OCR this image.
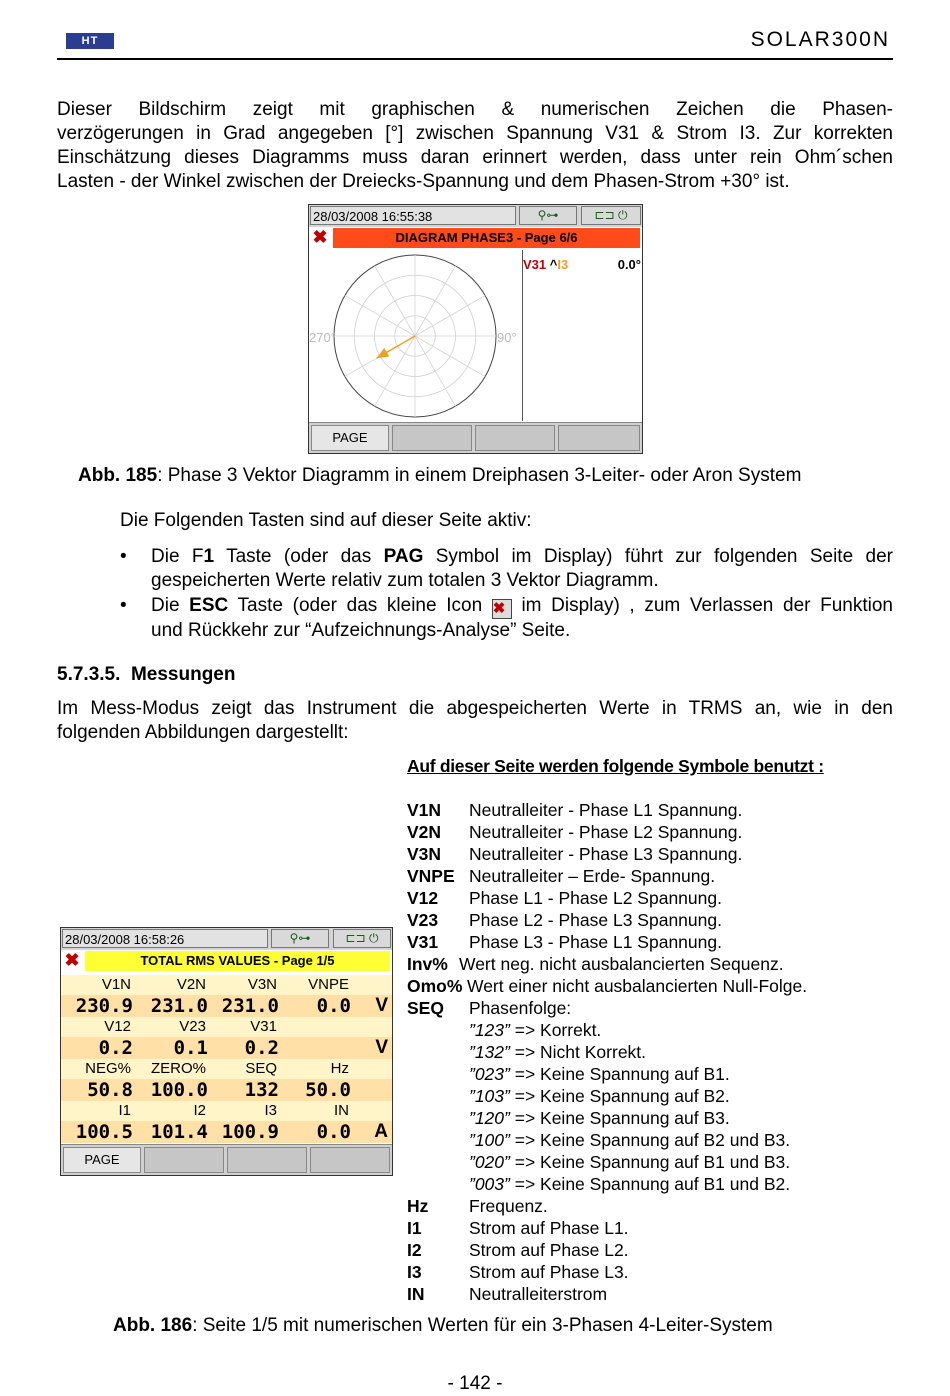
HT	SOLAR300N
Dieser Bildschirm zeigt mit graphischen & numerischen Zeichen die Phasen-
verzögerungen in Grad angegeben [°] zwischen Spannung V31 & Strom I3. Zur korrekten
Einschätzung dieses Diagramms muss daran erinnert werden, dass unter rein Ohm´schen
Lasten - der Winkel zwischen der Dreiecks-Spannung und dem Phasen-Strom +30° ist.
28/03/2008 16:55:38	⚲⊶	⊏⊐ ⏻
✖	DIAGRAM PHASE3 - Page 6/6
270°	90°
V31 ^I3	0.0°
PAGE
Abb. 185: Phase 3 Vektor Diagramm in einem Dreiphasen 3-Leiter- oder Aron System
Die Folgenden Tasten sind auf dieser Seite aktiv:
• Die F1 Taste (oder das PAG Symbol im Display) führt zur folgenden Seite der
gespeicherten Werte relativ zum totalen 3 Vektor Diagramm.
• Die ESC Taste (oder das kleine Icon ✖ im Display) , zum Verlassen der Funktion
und Rückkehr zur “Aufzeichnungs-Analyse” Seite.
5.7.3.5. Messungen
Im Mess-Modus zeigt das Instrument die abgespeicherten Werte in TRMS an, wie in den
folgenden Abbildungen dargestellt:
Auf dieser Seite werden folgende Symbole benutzt :
V1N Neutralleiter - Phase L1 Spannung.
V2N Neutralleiter - Phase L2 Spannung.
V3N Neutralleiter - Phase L3 Spannung.
VNPE Neutralleiter – Erde- Spannung.
V12 Phase L1 - Phase L2 Spannung.
V23 Phase L2 - Phase L3 Spannung.
V31 Phase L3 - Phase L1 Spannung.
Inv% Wert neg. nicht ausbalancierten Sequenz.
Omo% Wert einer nicht ausbalancierten Null-Folge.
SEQ Phasenfolge:
”123” => Korrekt.
”132” => Nicht Korrekt.
”023” => Keine Spannung auf B1.
”103” => Keine Spannung auf B2.
”120” => Keine Spannung auf B3.
”100” => Keine Spannung auf B2 und B3.
”020” => Keine Spannung auf B1 und B3.
”003” => Keine Spannung auf B1 und B2.
Hz Frequenz.
I1	Strom auf Phase L1.
I2	Strom auf Phase L2.
I3	Strom auf Phase L3.
IN	Neutralleiterstrom
28/03/2008 16:58:26	⚲⊶	⊏⊐ ⏻
✖	TOTAL RMS VALUES - Page 1/5
V1N	V2N	V3N VNPE
230.9 231.0 231.0 0.0 V
V12	V23	V31
0.2 0.1 0.2	V
NEG% ZERO%	SEQ	Hz
50.8 100.0 132 50.0
I1	I2	I3	IN
100.5 101.4 100.9 0.0 A
PAGE
Abb. 186: Seite 1/5 mit numerischen Werten für ein 3-Phasen 4-Leiter-System
- 142 -
